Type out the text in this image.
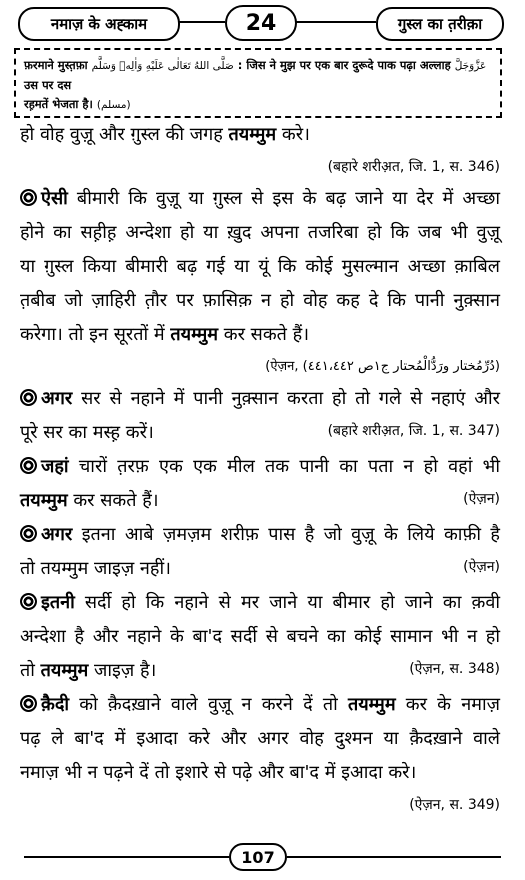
नमाज़ के अह्काम	24	गुस्ल का त़रीक़ा
फ़रमाने मुस्त़फ़ा صَلَّى اللهُ تَعَالٰى عَلَيْهِ وَاٰلِهٖ وَسَلَّم : जिस ने मुझ पर एक बार दुरूदे पाक पढ़ा अल्लाह عَزَّوَجَلَّ उस पर दस
रह़मतें भेजता है। (مسلم)
हो वोह वुज़ू और ग़ुस्ल की जगह तयम्मुम करे।
(बहारे शरीअ़त, जि. 1, स. 346)
ऐसी बीमारी कि वुज़ू या ग़ुस्ल से इस के बढ़ जाने या देर में अच्छा
होने का सह़ीह़ अन्देशा हो या ख़ुद अपना तजरिबा हो कि जब भी वुज़ू
या ग़ुस्ल किया बीमारी बढ़ गई या यूं कि कोई मुसल्मान अच्छा क़ाबिल
त़बीब जो ज़ाहिरी त़ौर पर फ़ासिक़ न हो वोह कह दे कि पानी नुक़्सान
करेगा। तो इन सूरतों में तयम्मुम कर सकते हैं।
(ऐज़न, (دُرِّمُختار ورَدُّالْمُحتار ج١ص ٤٤١،٤٤٢)
अगर सर से नहाने में पानी नुक़्सान करता हो तो गले से नहाएं और
पूरे सर का मस्ह़ करें।	(बहारे शरीअ़त, जि. 1, स. 347)
जहां चारों त़रफ़ एक एक मील तक पानी का पता न हो वहां भी
तयम्मुम कर सकते हैं।	(ऐज़न)
अगर इतना आबे ज़मज़म शरीफ़ पास है जो वुज़ू के लिये काफ़ी है
तो तयम्मुम जाइज़ नहीं।	(ऐज़न)
इतनी सर्दी हो कि नहाने से मर जाने या बीमार हो जाने का क़वी
अन्देशा है और नहाने के बा'द सर्दी से बचने का कोई सामान भी न हो
तो तयम्मुम जाइज़ है।	(ऐज़न, स. 348)
क़ैदी को क़ैदख़ाने वाले वुज़ू न करने दें तो तयम्मुम कर के नमाज़
पढ़ ले बा'द में इआदा करे और अगर वोह दुश्मन या क़ैदख़ाने वाले
नमाज़ भी न पढ़ने दें तो इशारे से पढ़े और बा'द में इआदा करे।
(ऐज़न, स. 349)
107
